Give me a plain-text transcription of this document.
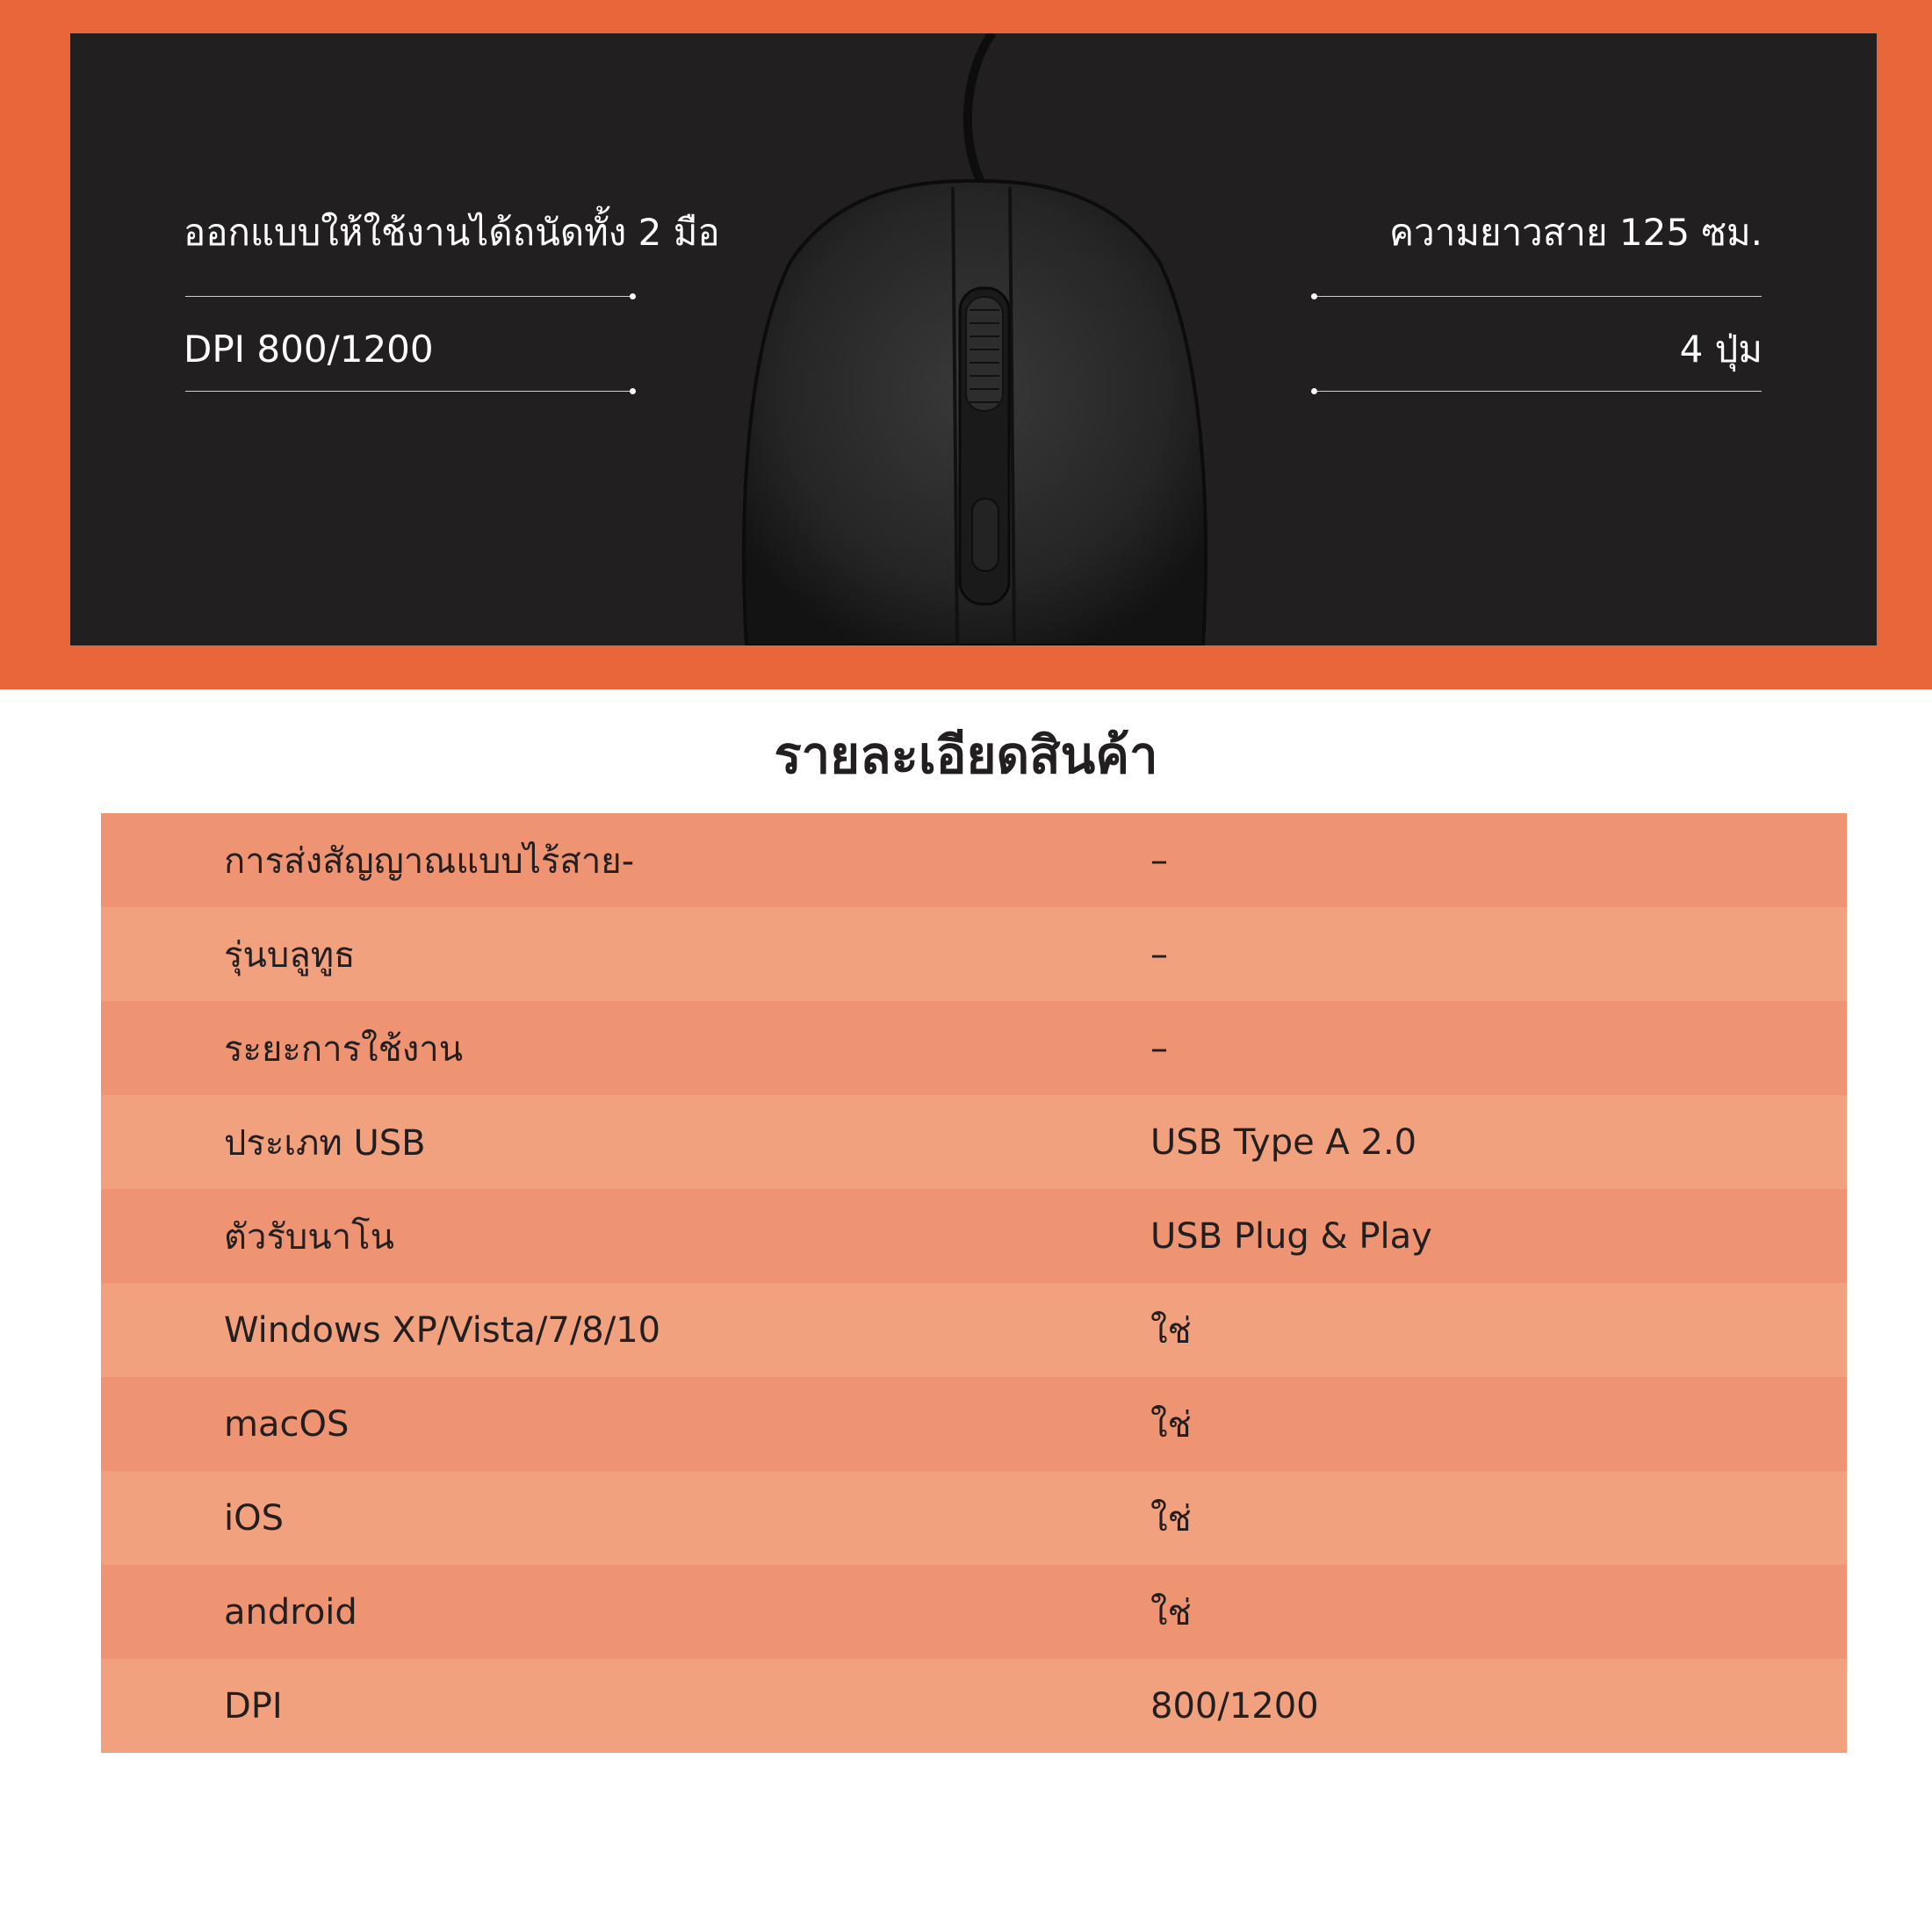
ออกแบบให้ใช้งานได้ถนัดทั้ง 2 มือ
DPI 800/1200
ความยาวสาย 125 ซม.
4 ปุ่ม
รายละเอียดสินค้า
การส่งสัญญาณแบบไร้สาย-	–
รุ่นบลูทูธ	–
ระยะการใช้งาน	–
ประเภท USB	USB Type A 2.0
ตัวรับนาโน	USB Plug & Play
Windows XP/Vista/7/8/10	ใช่
macOS	ใช่
iOS	ใช่
android	ใช่
DPI	800/1200
